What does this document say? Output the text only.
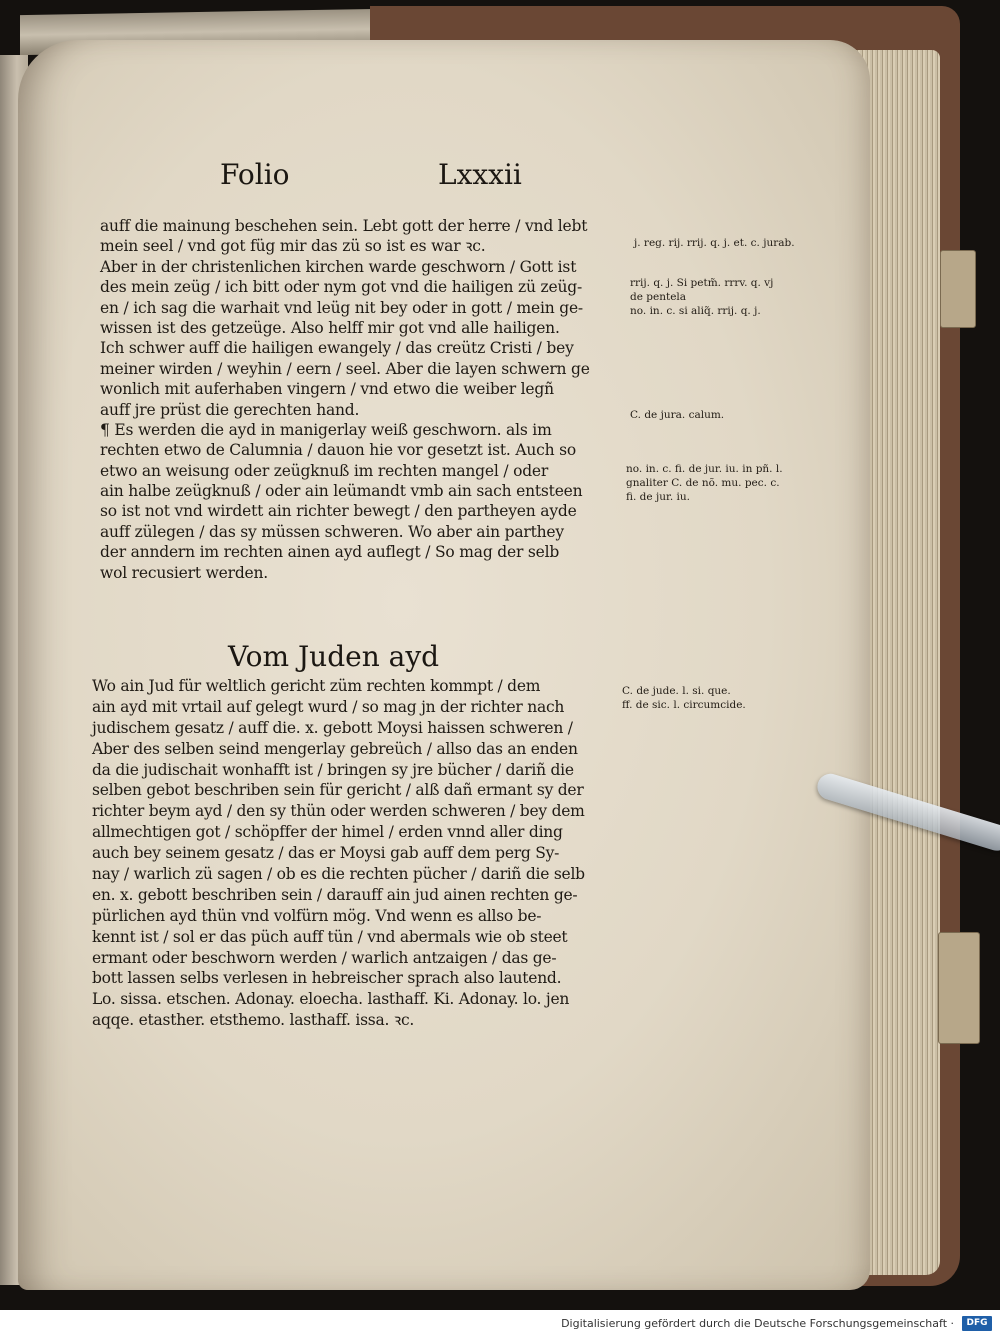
Folio	Lxxxii
auff die mainung beschehen sein. Lebt gott der herre / vnd lebt
mein seel / vnd got füg mir das zü so ist es war ꝛc.
Aber in der christenlichen kirchen warde geschworn / Gott ist
des mein zeüg / ich bitt oder nym got vnd die hailigen zü zeüg-
en / ich sag die warhait vnd leüg nit bey oder in gott / mein ge-
wissen ist des getzeüge. Also helff mir got vnd alle hailigen.
Ich schwer auff die hailigen ewangely / das creütz Cristi / bey
meiner wirden / weyhin / eern / seel. Aber die layen schwern ge
wonlich mit auferhaben vingern / vnd etwo die weiber legñ
auff jre prüst die gerechten hand.
¶ Es werden die ayd in manigerlay weiß geschworn. als im
rechten etwo de Calumnia / dauon hie vor gesetzt ist. Auch so
etwo an weisung oder zeügknuß im rechten mangel / oder
ain halbe zeügknuß / oder ain leümandt vmb ain sach entsteen
so ist not vnd wirdett ain richter bewegt / den partheyen ayde
auff zülegen / das sy müssen schweren. Wo aber ain parthey
der anndern im rechten ainen ayd auflegt / So mag der selb
wol recusiert werden.
Vom Juden ayd
Wo ain Jud für weltlich gericht züm rechten kommpt / dem
ain ayd mit vrtail auf gelegt wurd / so mag jn der richter nach
judischem gesatz / auff die. x. gebott Moysi haissen schweren /
Aber des selben seind mengerlay gebreüch / allso das an enden
da die judischait wonhafft ist / bringen sy jre bücher / dariñ die
selben gebot beschriben sein für gericht / alß dañ ermant sy der
richter beym ayd / den sy thün oder werden schweren / bey dem
allmechtigen got / schöpffer der himel / erden vnnd aller ding
auch bey seinem gesatz / das er Moysi gab auff dem perg Sy-
nay / warlich zü sagen / ob es die rechten pücher / dariñ die selb
en. x. gebott beschriben sein / darauff ain jud ainen rechten ge-
pürlichen ayd thün vnd volfürn mög. Vnd wenn es allso be-
kennt ist / sol er das püch auff tün / vnd abermals wie ob steet
ermant oder beschworn werden / warlich antzaigen / das ge-
bott lassen selbs verlesen in hebreischer sprach also lautend.
Lo. sissa. etschen. Adonay. eloecha. lasthaff. Ki. Adonay. lo. jen
aqqe. etasther. etsthemo. lasthaff. issa. ꝛc.
j. reg. rij. rrij. q. j. et. c. jurab.
rrij. q. j. Si petm̃. rrrv. q. vj
de pentela
no. in. c. si aliq̃. rrij. q. j.
C. de jura. calum.
no. in. c. fi. de jur. iu. in pñ. l.
gnaliter C. de nõ. mu. pec. c.
fi. de jur. iu.
C. de jude. l. si. que.
ff. de sic. l. circumcide.
Digitalisierung gefördert durch die Deutsche Forschungsgemeinschaft ·	DFG
